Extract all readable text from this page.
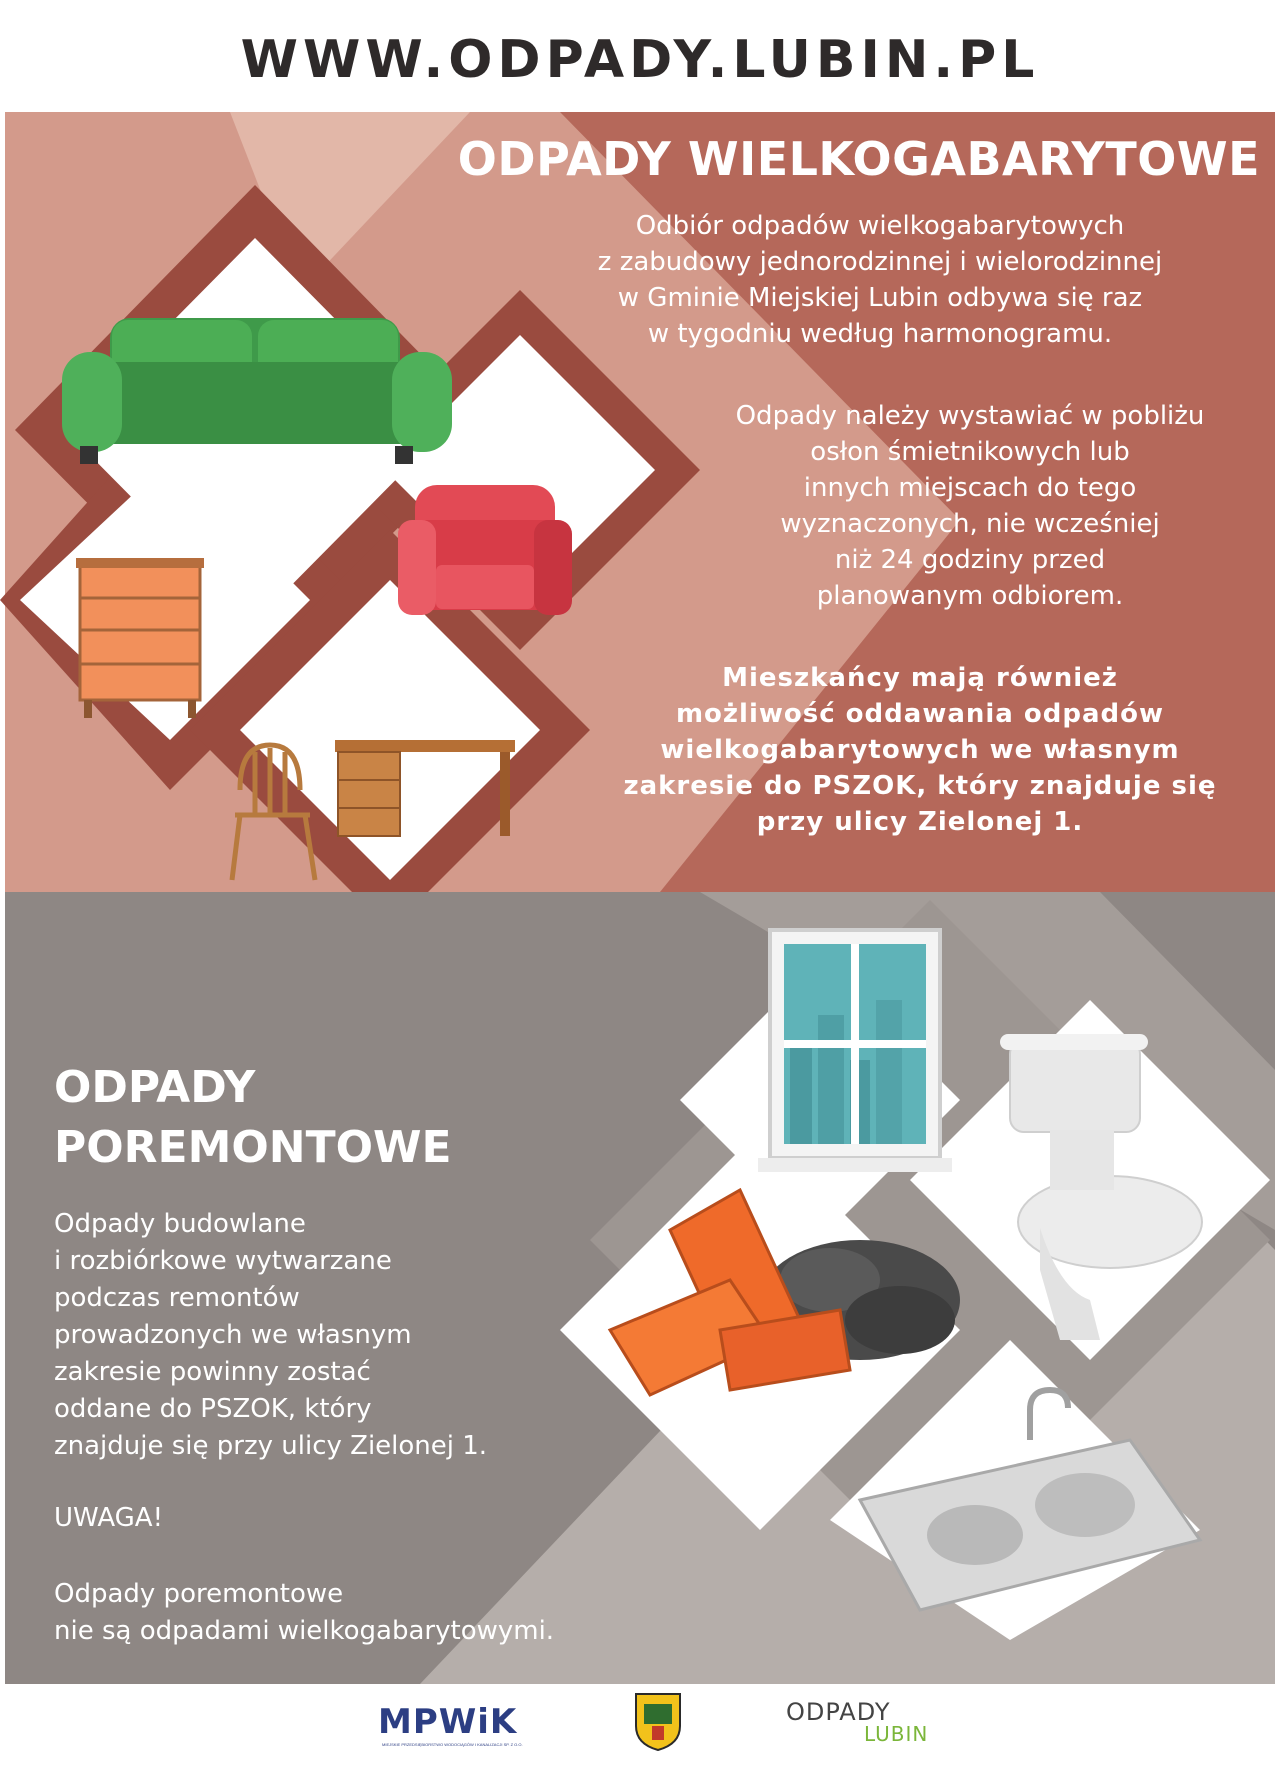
WWW.ODPADY.LUBIN.PL
ODPADY WIELKOGABARYTOWE
Odbiór odpadów wielkogabarytowych
z zabudowy jednorodzinnej i wielorodzinnej
w Gminie Miejskiej Lubin odbywa się raz
w tygodniu według harmonogramu.
Odpady należy wystawiać w pobliżu
osłon śmietnikowych lub
innych miejscach do tego
wyznaczonych, nie wcześniej
niż 24 godziny przed
planowanym odbiorem.
Mieszkańcy mają również
możliwość oddawania odpadów
wielkogabarytowych we własnym
zakresie do PSZOK, który znajduje się
przy ulicy Zielonej 1.
ODPADY
POREMONTOWE
Odpady budowlane
i rozbiórkowe wytwarzane
podczas remontów
prowadzonych we własnym
zakresie powinny zostać
oddane do PSZOK, który
znajduje się przy ulicy Zielonej 1.
UWAGA!
Odpady poremontowe
nie są odpadami wielkogabarytowymi.
MPWiK
MIEJSKIE PRZEDSIĘBIORSTWO WODOCIĄGÓW I KANALIZACJI SP. Z O.O.
ODPADY
LUBIN
